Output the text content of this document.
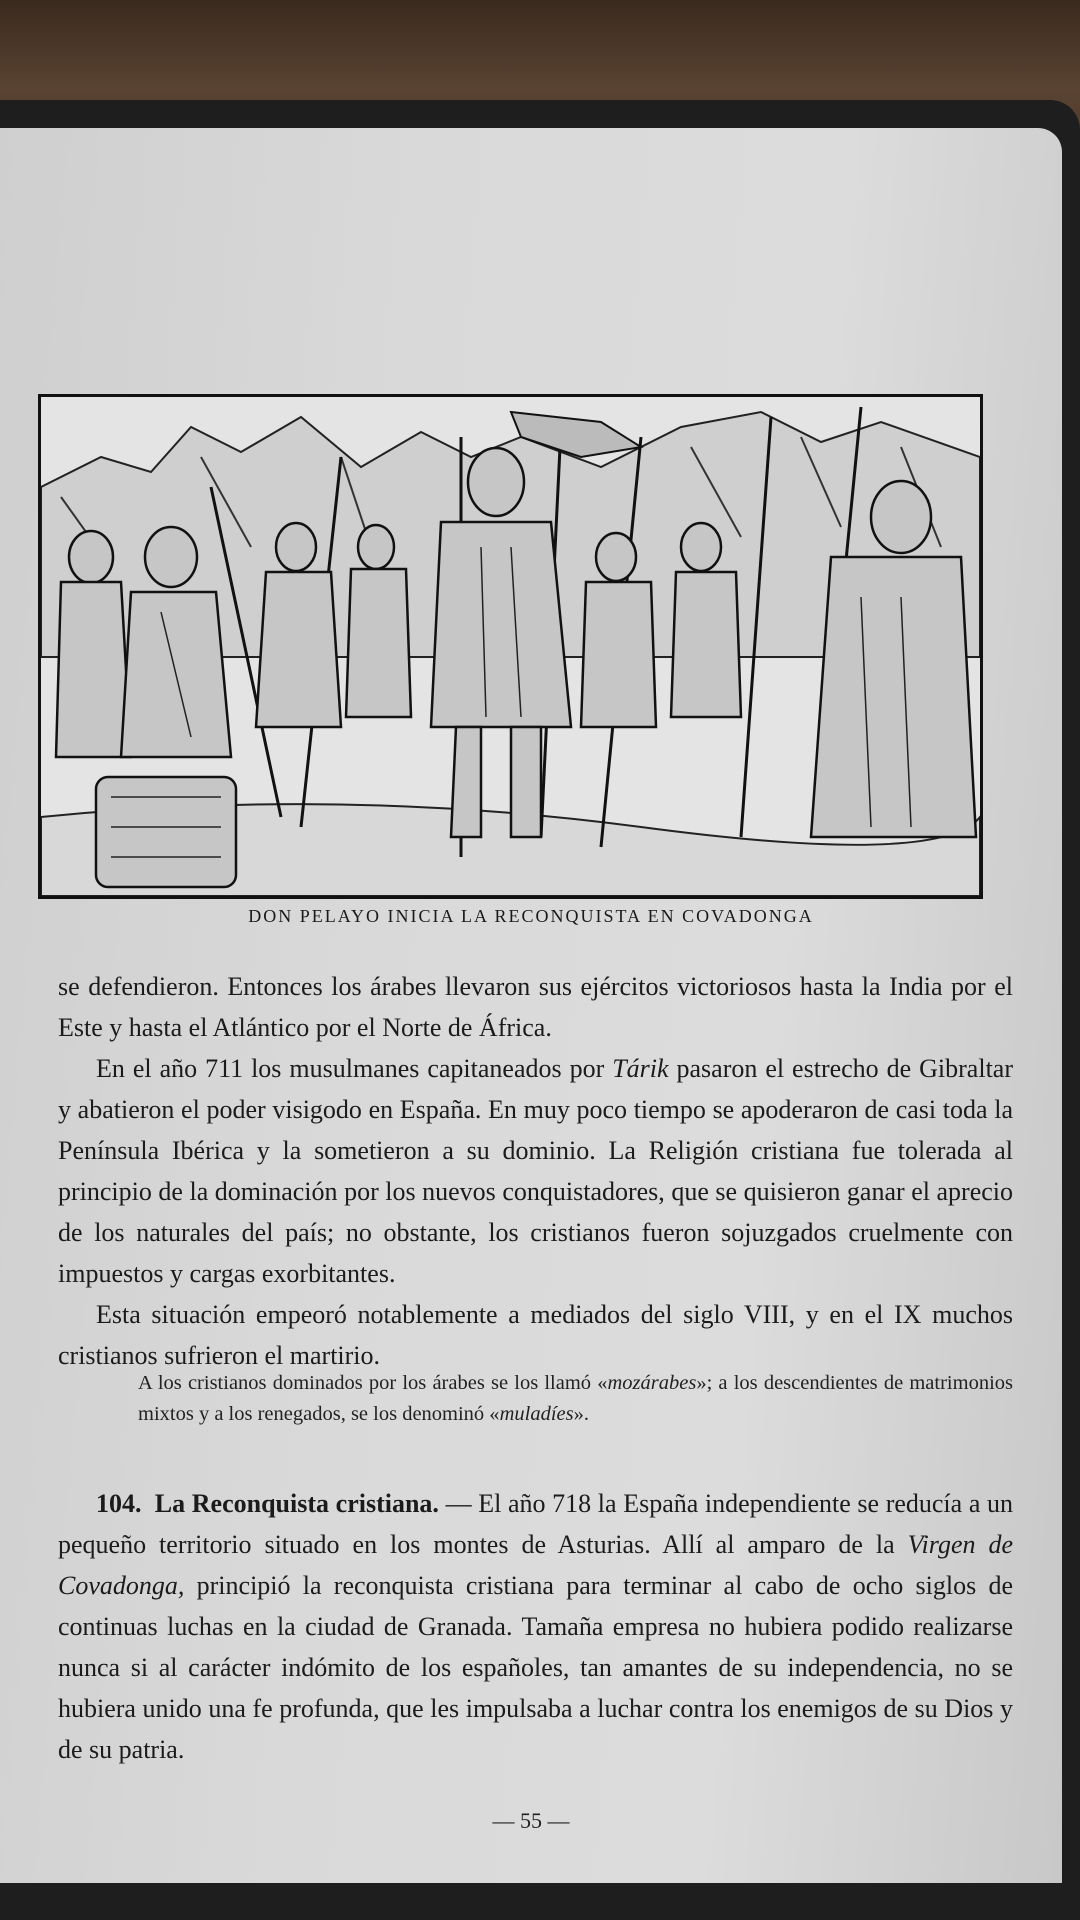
DON PELAYO INICIA LA RECONQUISTA EN COVADONGA

se defendieron. Entonces los árabes llevaron sus ejércitos victoriosos hasta la India por el Este y hasta el Atlántico por el Norte de África.

En el año 711 los musulmanes capitaneados por Tárik pasaron el estrecho de Gibraltar y abatieron el poder visigodo en España. En muy poco tiempo se apoderaron de casi toda la Península Ibérica y la sometieron a su dominio. La Religión cristiana fue tolerada al principio de la dominación por los nuevos conquistadores, que se quisieron ganar el aprecio de los naturales del país; no obstante, los cristianos fueron sojuzgados cruelmente con impuestos y cargas exorbitantes.

Esta situación empeoró notablemente a mediados del siglo VIII, y en el IX muchos cristianos sufrieron el martirio.

A los cristianos dominados por los árabes se los llamó «mozárabes»; a los descendientes de matrimonios mixtos y a los renegados, se los denominó «muladíes».

104. La Reconquista cristiana. — El año 718 la España independiente se reducía a un pequeño territorio situado en los montes de Asturias. Allí al amparo de la Virgen de Covadonga, principió la reconquista cristiana para terminar al cabo de ocho siglos de continuas luchas en la ciudad de Granada. Tamaña empresa no hubiera podido realizarse nunca si al carácter indómito de los españoles, tan amantes de su independencia, no se hubiera unido una fe profunda, que les impulsaba a luchar contra los enemigos de su Dios y de su patria.

— 55 —
